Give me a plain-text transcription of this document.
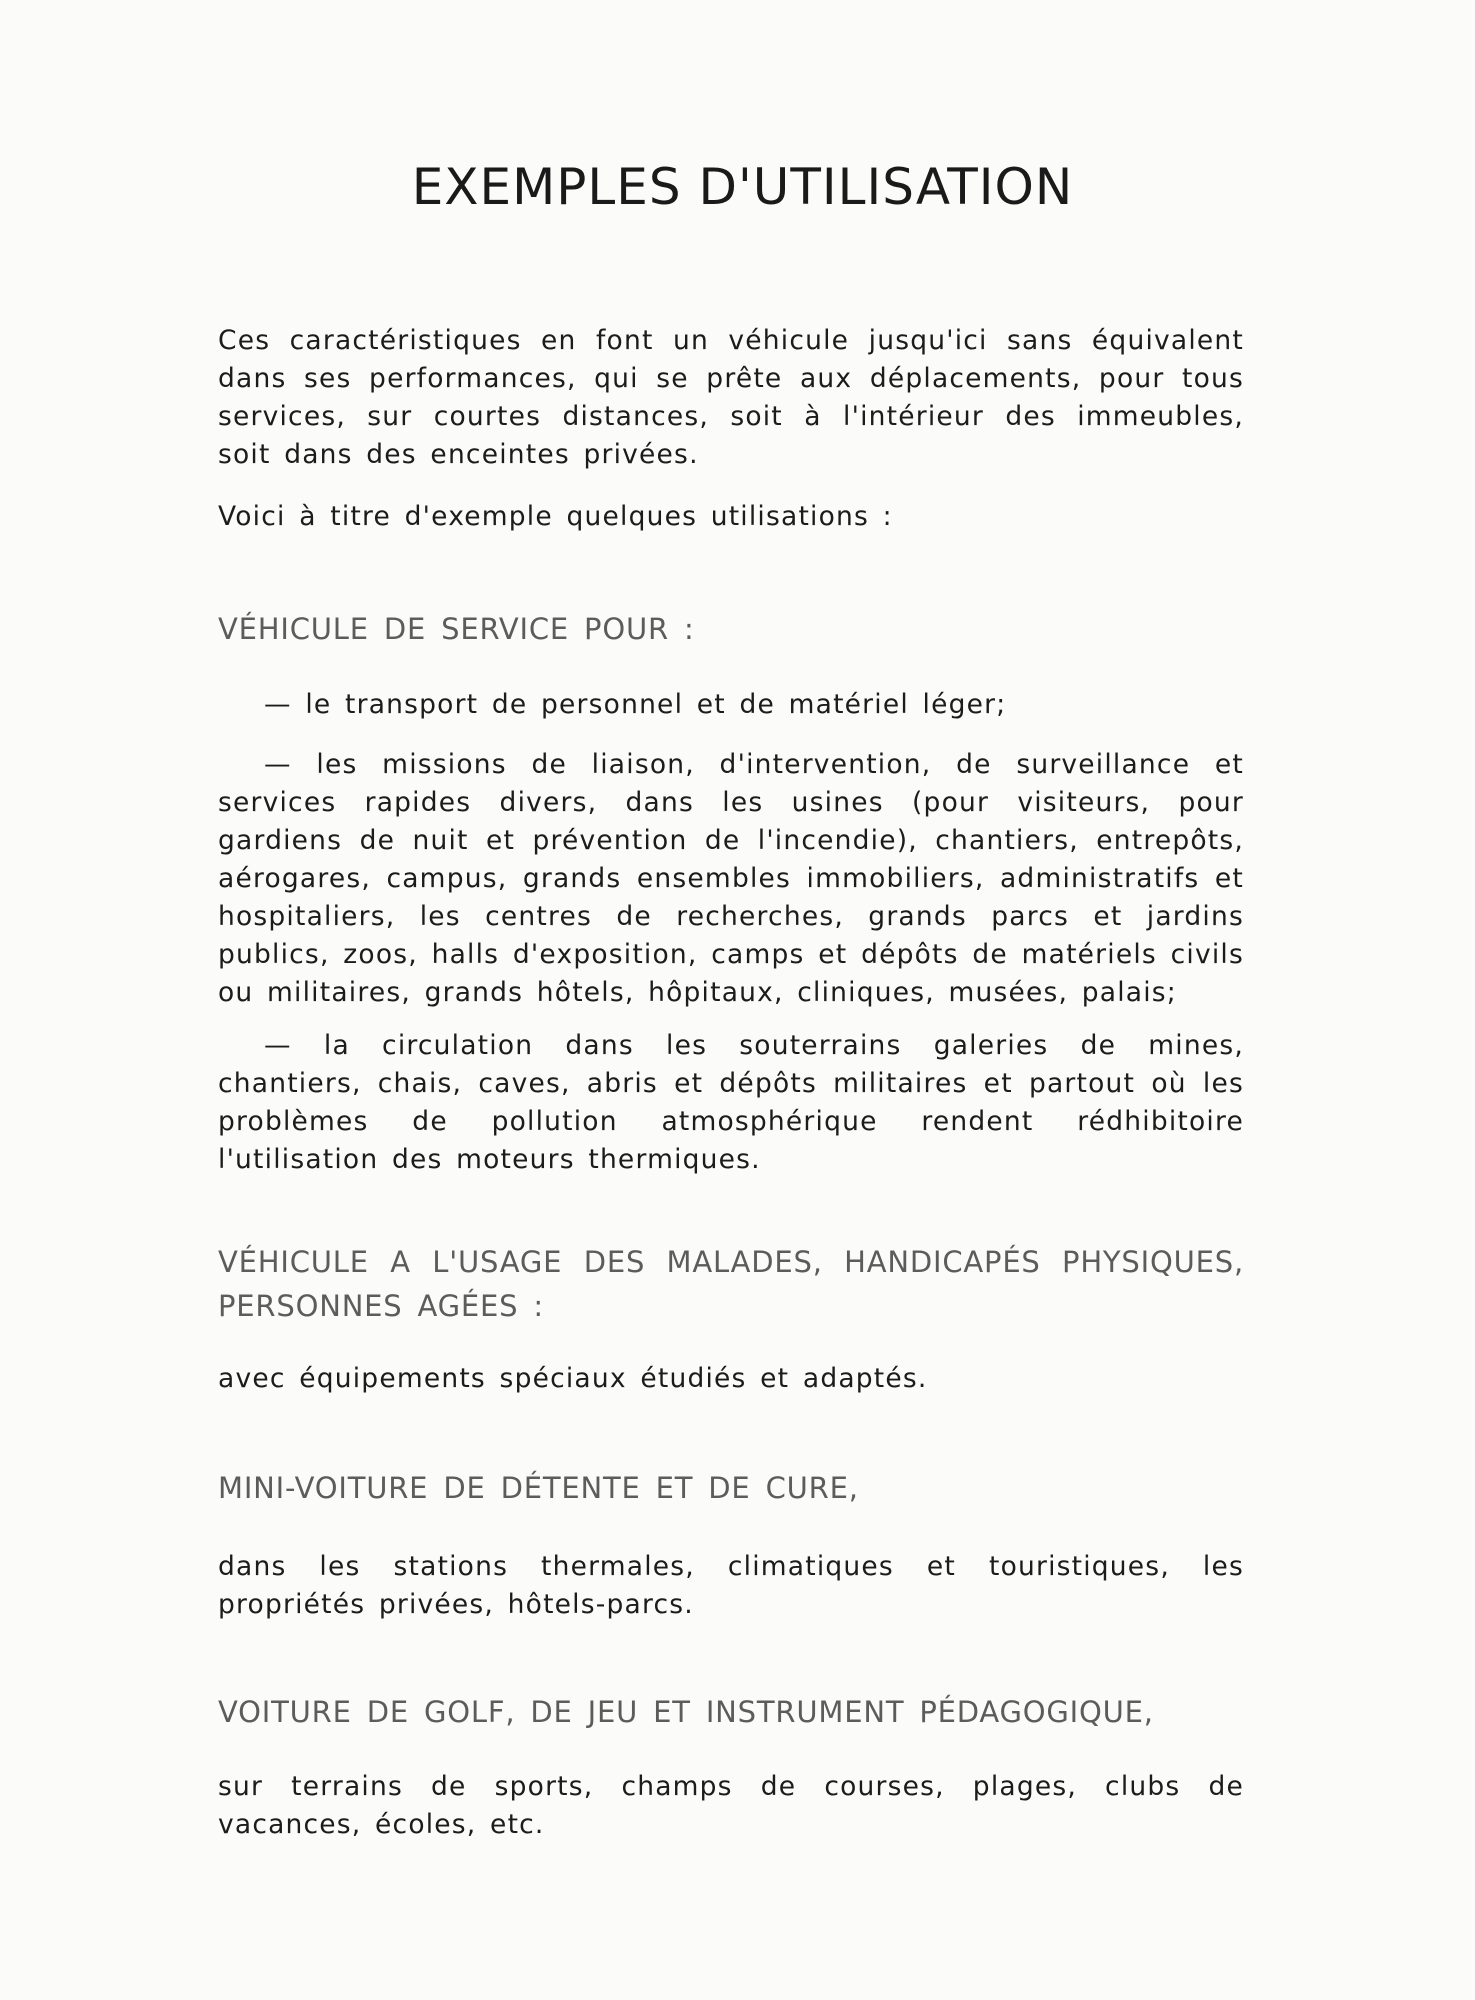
EXEMPLES D'UTILISATION

Ces caractéristiques en font un véhicule jusqu'ici sans équivalent dans ses performances, qui se prête aux déplacements, pour tous services, sur courtes distances, soit à l'intérieur des immeubles, soit dans des enceintes privées.

Voici à titre d'exemple quelques utilisations :

VÉHICULE DE SERVICE POUR :

— le transport de personnel et de matériel léger;

— les missions de liaison, d'intervention, de surveillance et services rapides divers, dans les usines (pour visiteurs, pour gardiens de nuit et prévention de l'incendie), chantiers, entrepôts, aérogares, campus, grands ensembles immobiliers, administratifs et hospitaliers, les centres de recherches, grands parcs et jardins publics, zoos, halls d'exposition, camps et dépôts de matériels civils ou militaires, grands hôtels, hôpitaux, cliniques, musées, palais;

— la circulation dans les souterrains galeries de mines, chantiers, chais, caves, abris et dépôts militaires et partout où les problèmes de pollution atmosphérique rendent rédhibitoire l'utilisation des moteurs thermiques.

VÉHICULE A L'USAGE DES MALADES, HANDICAPÉS PHYSIQUES, PERSONNES AGÉES :

avec équipements spéciaux étudiés et adaptés.

MINI-VOITURE DE DÉTENTE ET DE CURE,

dans les stations thermales, climatiques et touristiques, les propriétés privées, hôtels-parcs.

VOITURE DE GOLF, DE JEU ET INSTRUMENT PÉDAGOGIQUE,

sur terrains de sports, champs de courses, plages, clubs de vacances, écoles, etc.
